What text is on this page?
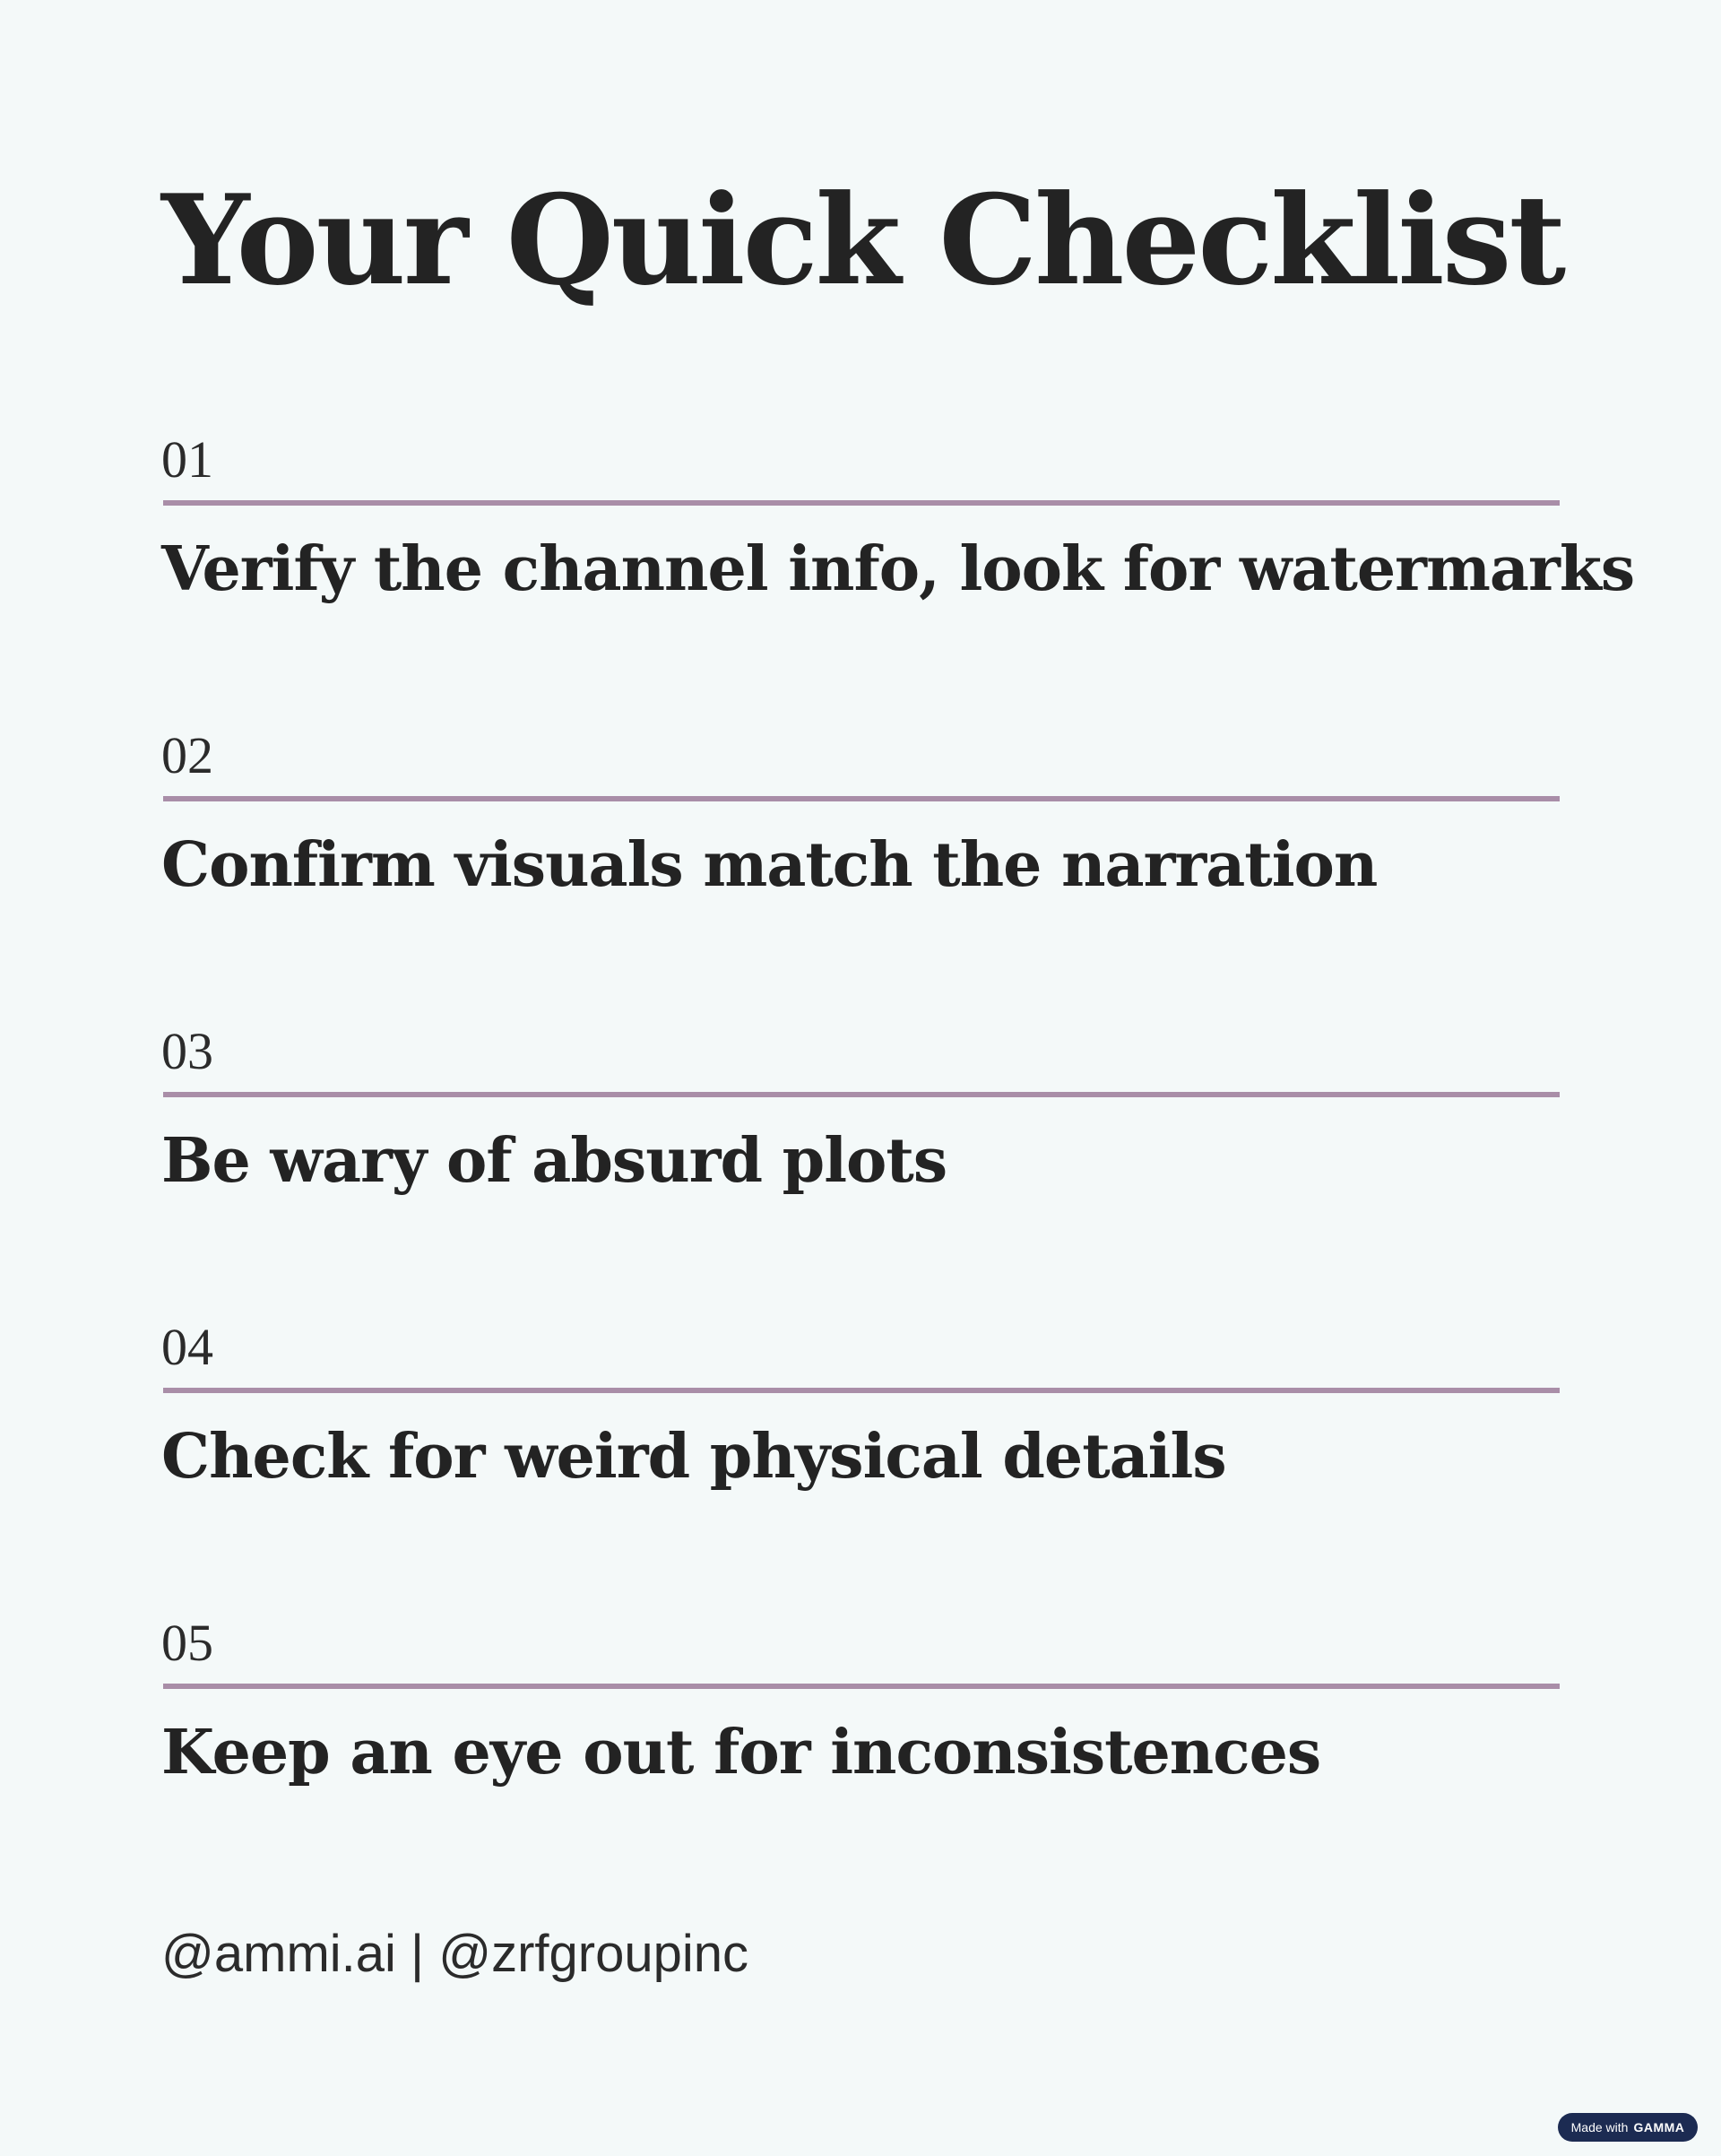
Your Quick Checklist
01
Verify the channel info, look for watermarks
02
Confirm visuals match the narration
03
Be wary of absurd plots
04
Check for weird physical details
05
Keep an eye out for inconsistences
@ammi.ai | @zrfgroupinc
Made with GAMMA
